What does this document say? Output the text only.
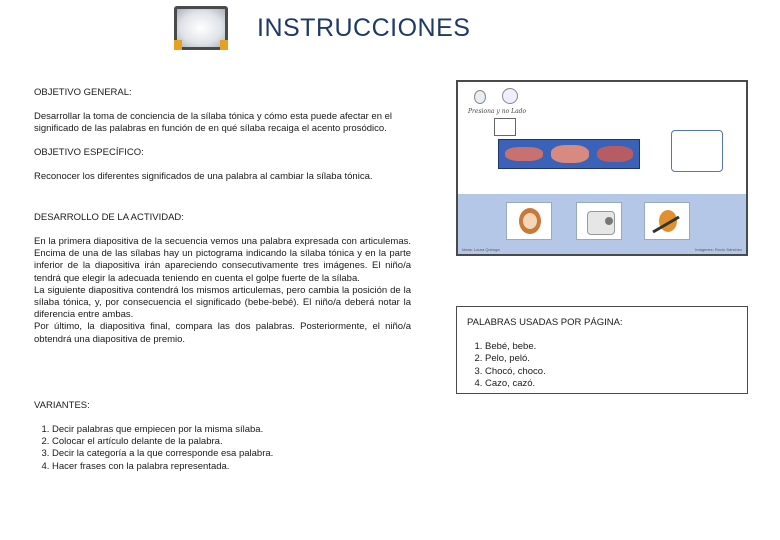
INSTRUCCIONES
OBJETIVO GENERAL:
Desarrollar la toma de conciencia de la sílaba tónica y cómo esta puede afectar en el significado de las palabras en función de en qué sílaba recaiga el acento prosódico.
OBJETIVO ESPECÍFICO:
Reconocer los diferentes significados de una palabra al cambiar la sílaba tónica.
DESARROLLO DE LA ACTIVIDAD:
En la primera diapositiva de la secuencia vemos una palabra expresada con articulemas. Encima de una de las sílabas hay un pictograma indicando la sílaba tónica y en la parte inferior de la diapositiva irán apareciendo consecutivamente tres imágenes. El niño/a tendrá que elegir la adecuada teniendo en cuenta el golpe fuerte de la sílaba.
La siguiente diapositiva contendrá los mismos articulemas, pero cambia la posición de la sílaba tónica, y, por consecuencia el significado (bebe-bebé). El niño/a deberá notar la diferencia entre ambas.
Por último, la diapositiva final, compara las dos palabras. Posteriormente, el niño/a obtendrá una diapositiva de premio.
VARIANTES:
1. Decir palabras que empiecen por la misma sílaba.
2. Colocar el artículo delante de la palabra.
3. Decir la categoría a la que corresponde esa palabra.
4. Hacer frases con la palabra representada.
Presiona y no Lado
Ideas: Laura Quiroga	Imágenes: Rocío Sánchez
PALABRAS USADAS POR PÁGINA:
1. Bebé, bebe.
2. Pelo, peló.
3. Chocó, choco.
4. Cazo, cazó.
